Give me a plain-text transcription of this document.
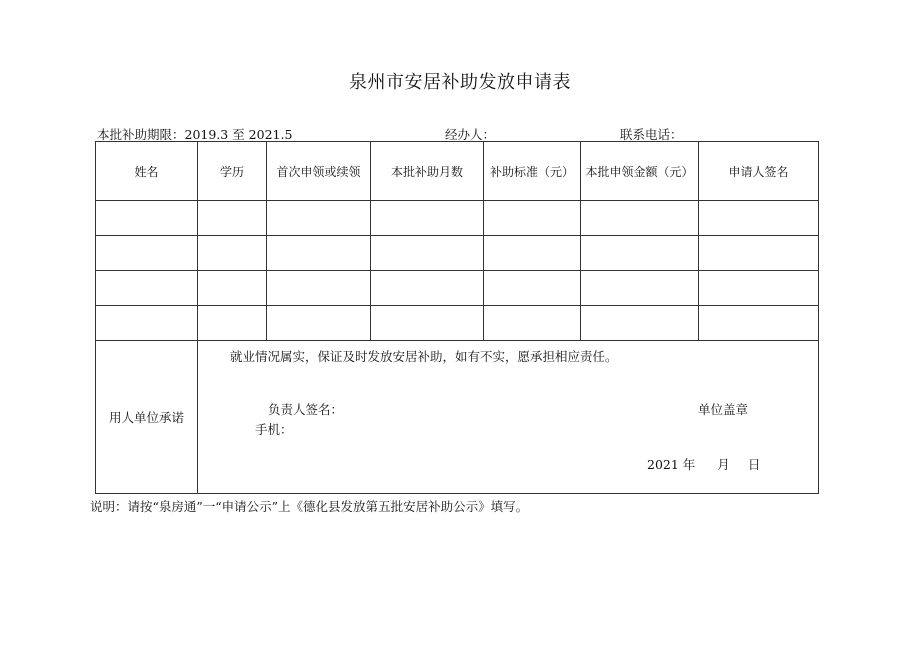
泉州市安居补助发放申请表
本批补助期限：2019.3 至 2021.5	经办人：	联系电话：
姓名	学历	首次申领或续领	本批补助月数	补助标准（元）	本批申领金额（元）	申请人签名

用人单位承诺	就业情况属实，保证及时发放安居补助，如有不实，愿承担相应责任。
负责人签名： 单位盖章
手机：
2021 年 月 日					
说明：请按“泉房通”一“申请公示”上《德化县发放第五批安居补助公示》填写。
